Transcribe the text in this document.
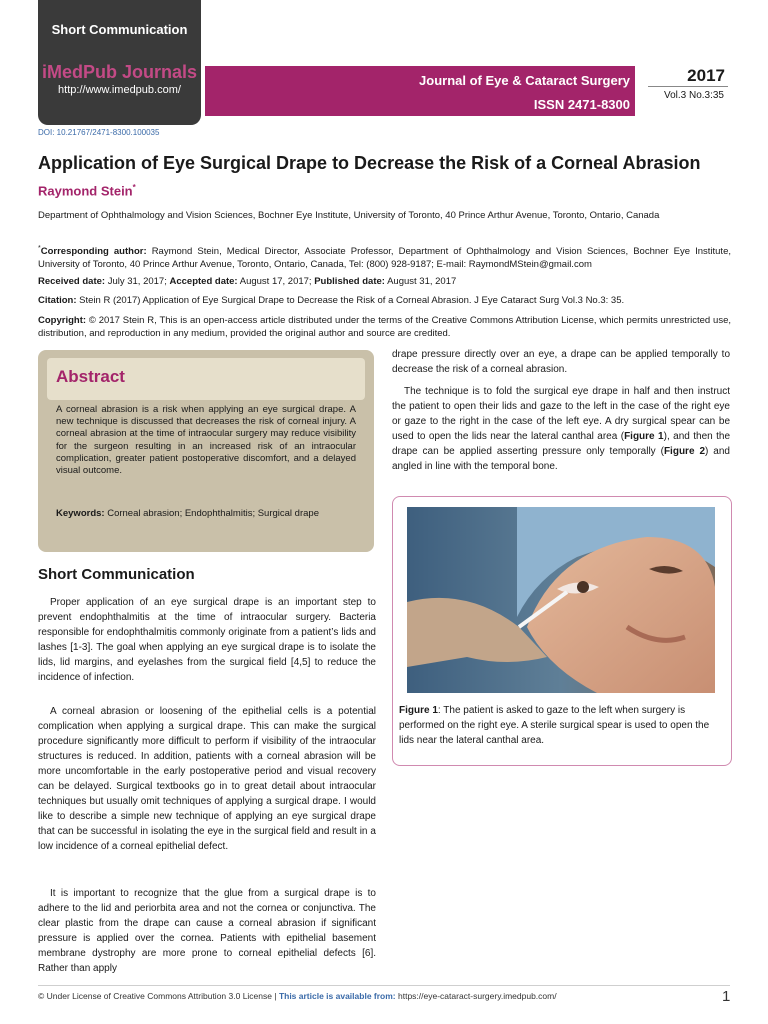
Short Communication
iMedPub Journals
http://www.imedpub.com/
Journal of Eye & Cataract Surgery
ISSN 2471-8300
2017
Vol.3 No.3:35
DOI: 10.21767/2471-8300.100035
Application of Eye Surgical Drape to Decrease the Risk of a Corneal Abrasion
Raymond Stein*
Department of Ophthalmology and Vision Sciences, Bochner Eye Institute, University of Toronto, 40 Prince Arthur Avenue, Toronto, Ontario, Canada
*Corresponding author: Raymond Stein, Medical Director, Associate Professor, Department of Ophthalmology and Vision Sciences, Bochner Eye Institute, University of Toronto, 40 Prince Arthur Avenue, Toronto, Ontario, Canada, Tel: (800) 928-9187; E-mail: RaymondMStein@gmail.com
Received date: July 31, 2017; Accepted date: August 17, 2017; Published date: August 31, 2017
Citation: Stein R (2017) Application of Eye Surgical Drape to Decrease the Risk of a Corneal Abrasion. J Eye Cataract Surg Vol.3 No.3: 35.
Copyright: © 2017 Stein R, This is an open-access article distributed under the terms of the Creative Commons Attribution License, which permits unrestricted use, distribution, and reproduction in any medium, provided the original author and source are credited.
Abstract
A corneal abrasion is a risk when applying an eye surgical drape. A new technique is discussed that decreases the risk of corneal injury. A corneal abrasion at the time of intraocular surgery may reduce visibility for the surgeon resulting in an increased risk of an intraocular complication, greater patient postoperative discomfort, and a delayed visual outcome.
Keywords: Corneal abrasion; Endophthalmitis; Surgical drape
Short Communication
Proper application of an eye surgical drape is an important step to prevent endophthalmitis at the time of intraocular surgery. Bacteria responsible for endophthalmitis commonly originate from a patient’s lids and lashes [1-3]. The goal when applying an eye surgical drape is to isolate the lids, lid margins, and eyelashes from the surgical field [4,5] to reduce the incidence of infection.
A corneal abrasion or loosening of the epithelial cells is a potential complication when applying a surgical drape. This can make the surgical procedure significantly more difficult to perform if visibility of the intraocular structures is reduced. In addition, patients with a corneal abrasion will be more uncomfortable in the early postoperative period and visual recovery can be delayed. Surgical textbooks go in to great detail about intraocular techniques but usually omit techniques of applying a surgical drape. I would like to describe a simple new technique of applying an eye surgical drape that can be successful in isolating the eye in the surgical field and result in a low incidence of a corneal epithelial defect.
It is important to recognize that the glue from a surgical drape is to adhere to the lid and periorbita area and not the cornea or conjunctiva. The clear plastic from the drape can cause a corneal abrasion if significant pressure is applied over the cornea. Patients with epithelial basement membrane dystrophy are more prone to corneal epithelial defects [6]. Rather than apply
drape pressure directly over an eye, a drape can be applied temporally to decrease the risk of a corneal abrasion.
The technique is to fold the surgical eye drape in half and then instruct the patient to open their lids and gaze to the left in the case of the right eye or gaze to the right in the case of the left eye. A dry surgical spear can be used to open the lids near the lateral canthal area (Figure 1), and then the drape can be applied asserting pressure only temporally (Figure 2) and angled in line with the temporal bone.
Figure 1: The patient is asked to gaze to the left when surgery is performed on the right eye. A sterile surgical spear is used to open the lids near the lateral canthal area.
© Under License of Creative Commons Attribution 3.0 License | This article is available from: https://eye-cataract-surgery.imedpub.com/	1
